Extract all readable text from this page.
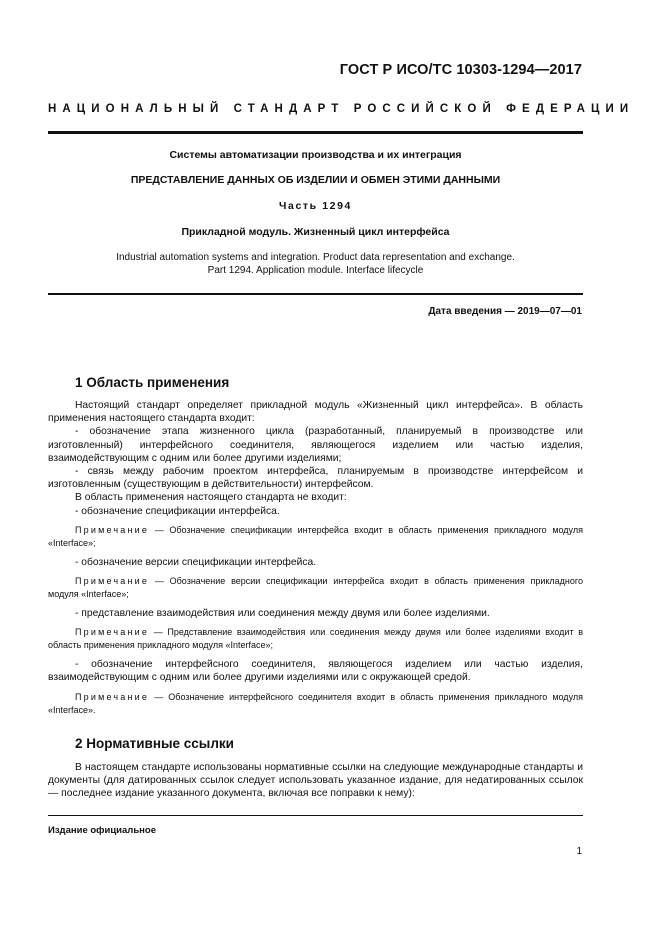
ГОСТ Р ИСО/ТС 10303-1294—2017
НАЦИОНАЛЬНЫЙ СТАНДАРТ РОССИЙСКОЙ ФЕДЕРАЦИИ
Системы автоматизации производства и их интеграция
ПРЕДСТАВЛЕНИЕ ДАННЫХ ОБ ИЗДЕЛИИ И ОБМЕН ЭТИМИ ДАННЫМИ
Часть 1294
Прикладной модуль. Жизненный цикл интерфейса
Industrial automation systems and integration. Product data representation and exchange.
Part 1294. Application module. Interface lifecycle
Дата введения — 2019—07—01
1 Область применения

Настоящий стандарт определяет прикладной модуль «Жизненный цикл интерфейса». В область применения настоящего стандарта входит:

- обозначение этапа жизненного цикла (разработанный, планируемый в производстве или изготовленный) интерфейсного соединителя, являющегося изделием или частью изделия, взаимодействующим с одним или более другими изделиями;

- связь между рабочим проектом интерфейса, планируемым в производстве интерфейсом и изготовленным (существующим в действительности) интерфейсом.

В область применения настоящего стандарта не входит:

- обозначение спецификации интерфейса.

Примечание — Обозначение спецификации интерфейса входит в область применения прикладного модуля «Interface»;

- обозначение версии спецификации интерфейса.

Примечание — Обозначение версии спецификации интерфейса входит в область применения прикладного модуля «Interface»;

- представление взаимодействия или соединения между двумя или более изделиями.

Примечание — Представление взаимодействия или соединения между двумя или более изделиями входит в область применения прикладного модуля «Interface»;

- обозначение интерфейсного соединителя, являющегося изделием или частью изделия, взаимодействующим с одним или более другими изделиями или с окружающей средой.

Примечание — Обозначение интерфейсного соединителя входит в область применения прикладного модуля «Interface».

2 Нормативные ссылки

В настоящем стандарте использованы нормативные ссылки на следующие международные стандарты и документы (для датированных ссылок следует использовать указанное издание, для недатированных ссылок — последнее издание указанного документа, включая все поправки к нему):

Издание официальное
1
